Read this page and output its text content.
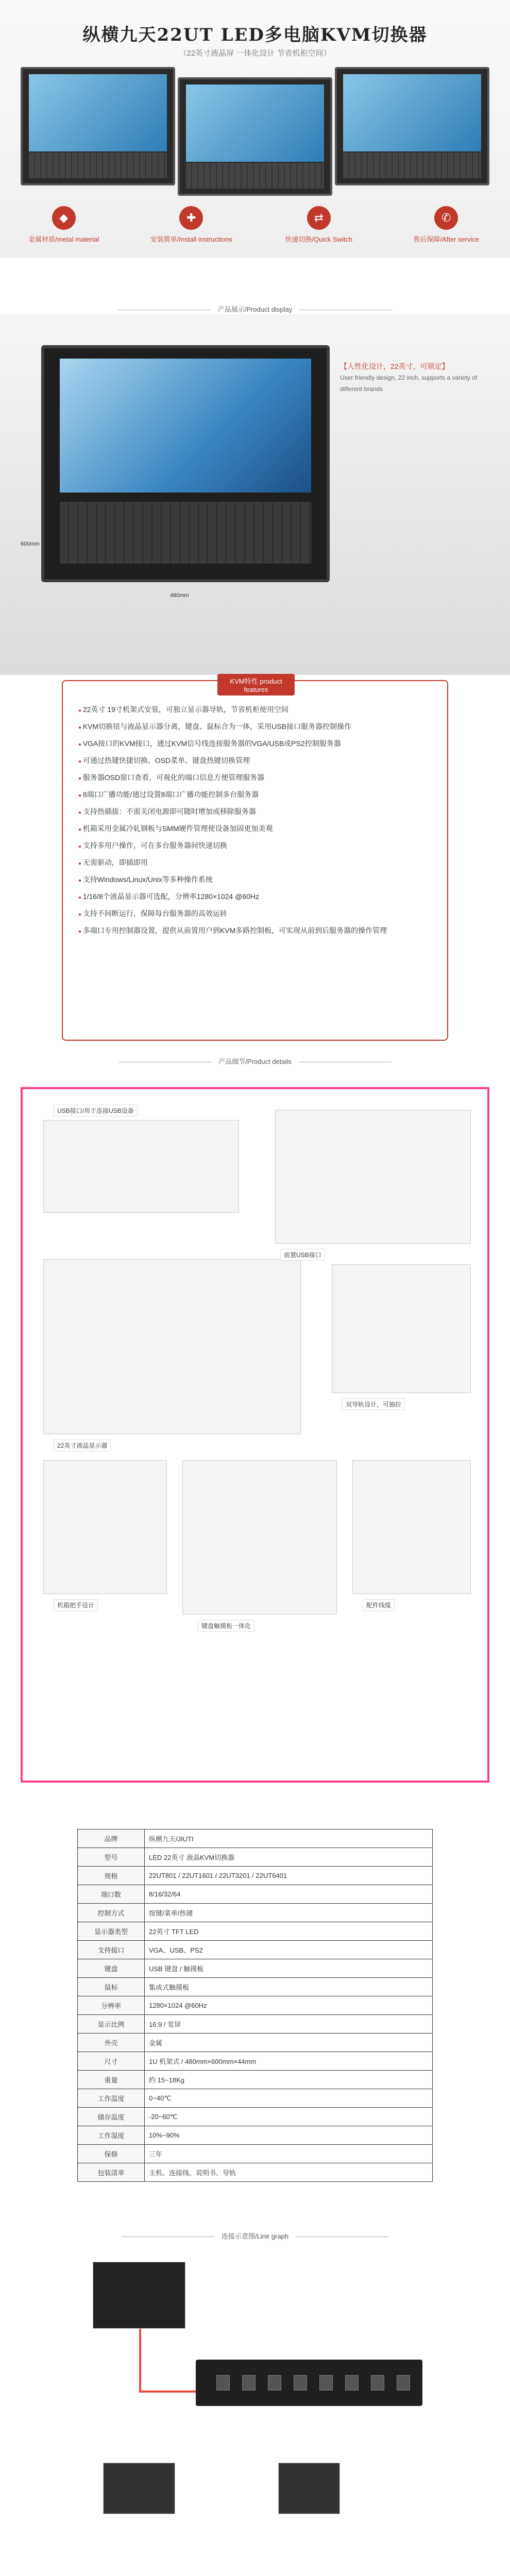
纵横九天22UT LED多电脑KVM切换器
（22英寸液晶屏 一体化设计 节省机柜空间）
◆
金属材质/metal material
✚
安装简单/Install instructions
⇄
快速切换/Quick Switch
✆
售后保障/After service
产品展示/Product display
【人性化设计，22英寸，可锁定】
User friendly design, 22 inch, supports a variety of different brands
480mm
600mm
KVM特性 product features
● 22英寸 19寸机架式安装，可独立显示器导轨，节省机柜使用空间
● KVM切换钮与液晶显示器分离，键盘、鼠标合为一体，采用USB接口服务器控制操作
● VGA接口的KVM接口，通过KVM信号线连接服务器的VGA/USB或PS2控制服务器
● 可通过热键快捷切换、OSD菜单、键盘热键切换管理
● 服务器OSD窗口查看，可视化的端口信息方便管理服务器
● 8端口广播功能/通过设置8端口广播功能控制多台服务器
● 支持热插拔：不需关闭电源即可随时增加或移除服务器
● 机箱采用金属冷轧钢板与SMM硬件管理使设备加固更加美观
● 支持多用户操作，可在多台服务器间快速切换
● 无需驱动，即插即用
● 支持Windows/Linux/Unix等多种操作系统
● 1/16/8个液晶显示器可选配，分辨率1280×1024 @60Hz
● 支持不间断运行，保障每台服务器的高效运转
● 多端口专用控制器设置，提供从前置用户到KVM多路控制板，可实现从前到后服务器的操作管理
产品细节/Product details
USB接口/用于连接USB设备
前置USB接口
22英寸液晶显示器
双导轨设计，可抽拉
键盘触摸板一体化
机箱把手设计	配件线缆
品牌	纵横九天/JIUTI
型号	LED 22英寸 液晶KVM切换器
规格	22UT801 / 22UT1601 / 22UT3201 / 22UT6401
端口数	8/16/32/64
控制方式	按键/菜单/热键
显示器类型	22英寸 TFT LED
支持接口	VGA、USB、PS2
键盘	USB 键盘 / 触摸板
鼠标	集成式触摸板
分辨率	1280×1024 @60Hz
显示比例	16:9 / 宽屏
外壳	金属
尺寸	1U 机架式 / 480mm×600mm×44mm
重量	约 15~18Kg
工作温度	0~40℃
储存温度	-20~60℃
工作湿度	10%~90%
保修	三年
包装清单	主机、连接线、说明书、导轨
连接示意图/Line graph
